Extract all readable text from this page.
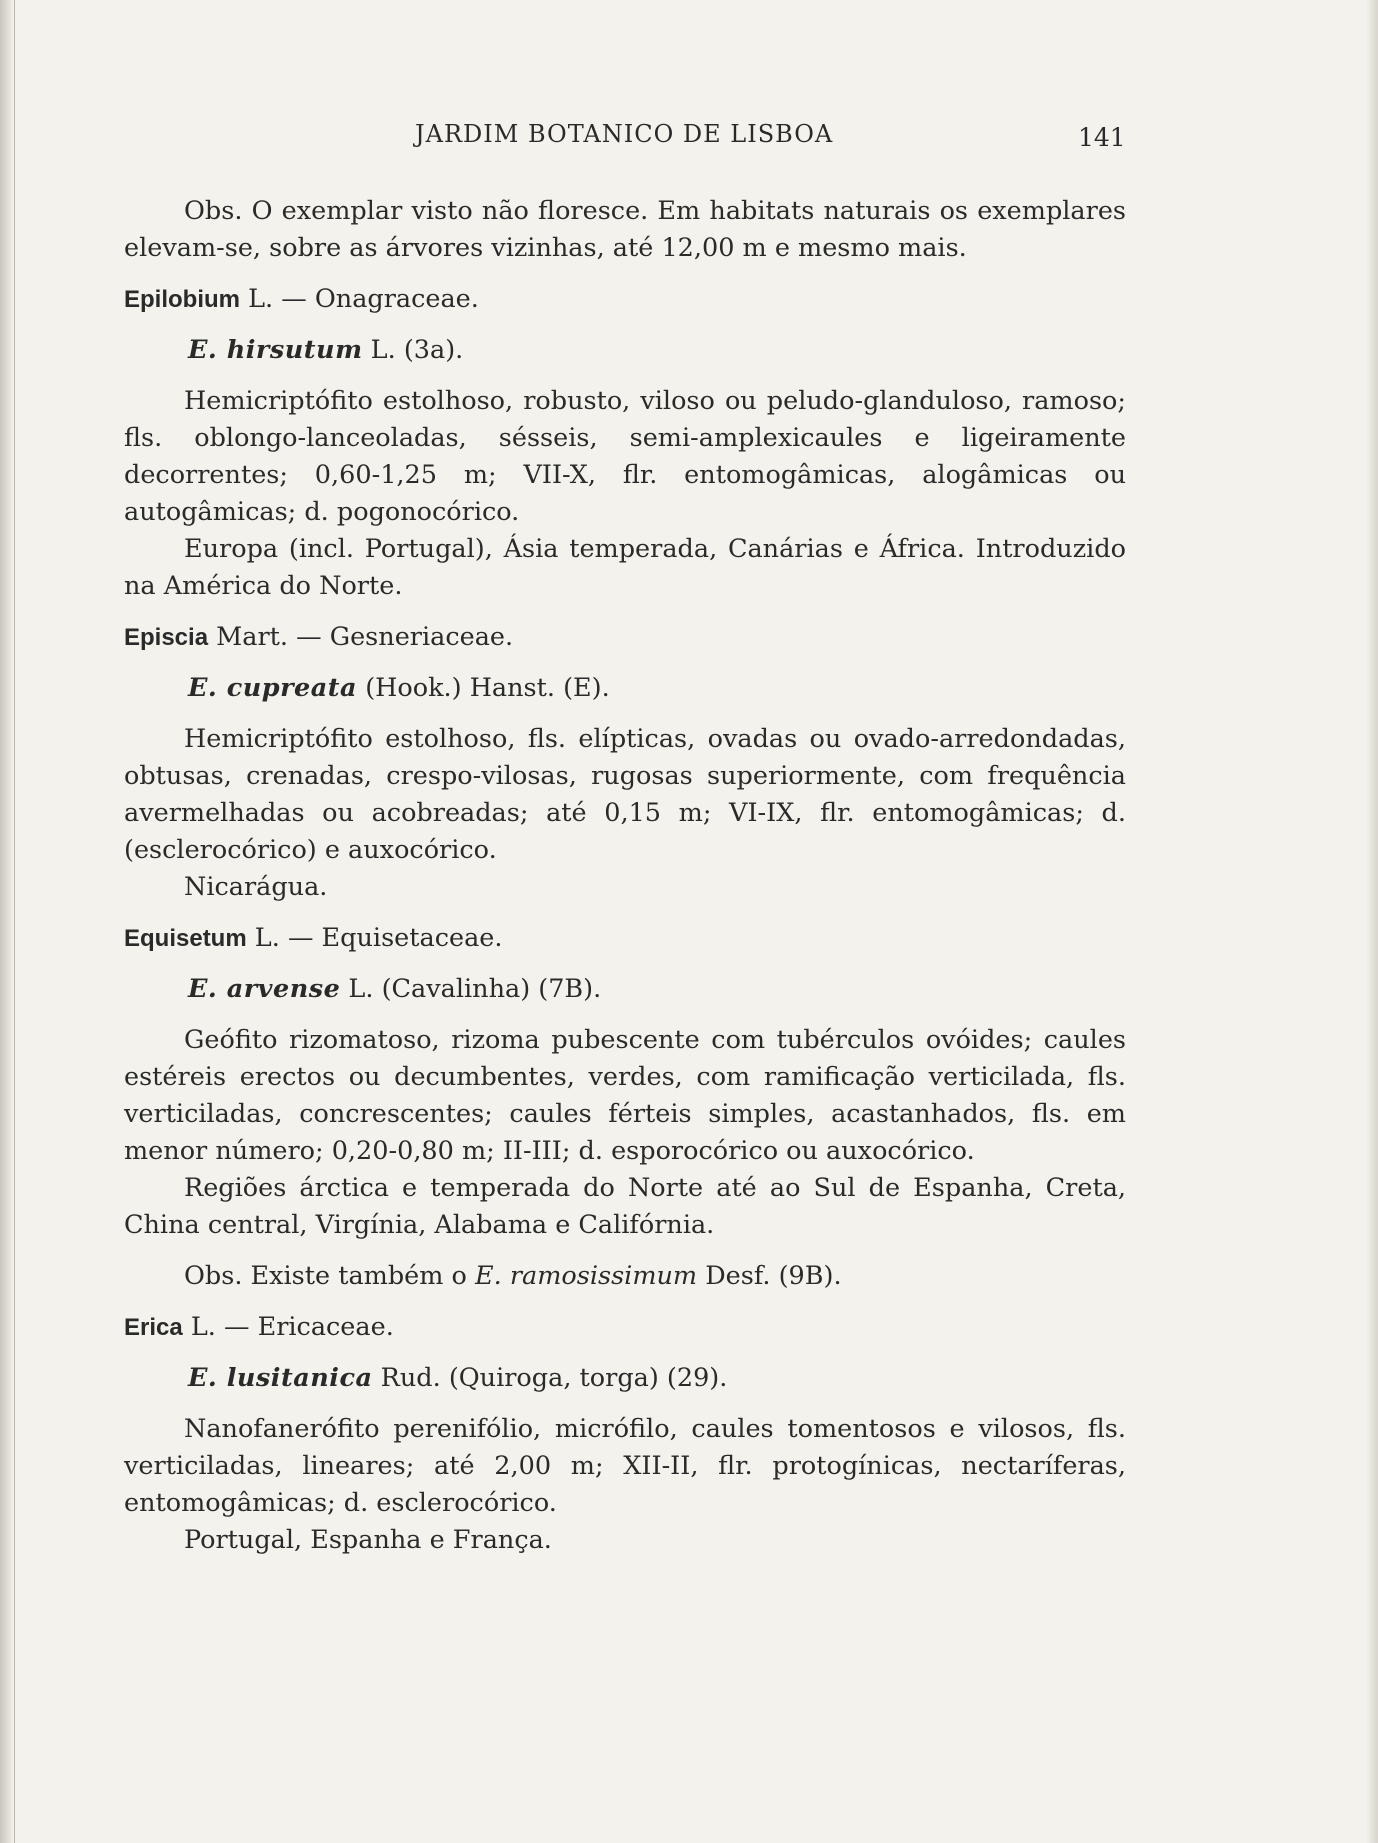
JARDIM BOTANICO DE LISBOA	141

Obs. O exemplar visto não floresce. Em habitats naturais os exemplares elevam-se, sobre as árvores vizinhas, até 12,00 m e mesmo mais.

Epilobium L. — Onagraceae.

E. hirsutum L. (3a).

Hemicriptófito estolhoso, robusto, viloso ou peludo-glanduloso, ramoso; fls. oblongo-lanceoladas, sésseis, semi-amplexicaules e ligeiramente decorrentes; 0,60-1,25 m; VII-X, flr. entomogâmicas, alogâmicas ou autogâmicas; d. pogonocórico.

Europa (incl. Portugal), Ásia temperada, Canárias e África. Introduzido na América do Norte.

Episcia Mart. — Gesneriaceae.

E. cupreata (Hook.) Hanst. (E).

Hemicriptófito estolhoso, fls. elípticas, ovadas ou ovado-arredondadas, obtusas, crenadas, crespo-vilosas, rugosas superiormente, com frequência avermelhadas ou acobreadas; até 0,15 m; VI-IX, flr. entomogâmicas; d. (esclerocórico) e auxocórico.

Nicarágua.

Equisetum L. — Equisetaceae.

E. arvense L. (Cavalinha) (7B).

Geófito rizomatoso, rizoma pubescente com tubérculos ovóides; caules estéreis erectos ou decumbentes, verdes, com ramificação verticilada, fls. verticiladas, concrescentes; caules férteis simples, acastanhados, fls. em menor número; 0,20-0,80 m; II-III; d. esporocórico ou auxocórico.

Regiões árctica e temperada do Norte até ao Sul de Espanha, Creta, China central, Virgínia, Alabama e Califórnia.

Obs. Existe também o E. ramosissimum Desf. (9B).

Erica L. — Ericaceae.

E. lusitanica Rud. (Quiroga, torga) (29).

Nanofanerófito perenifólio, micrófilo, caules tomentosos e vilosos, fls. verticiladas, lineares; até 2,00 m; XII-II, flr. protogínicas, nectaríferas, entomogâmicas; d. esclerocórico.

Portugal, Espanha e França.
